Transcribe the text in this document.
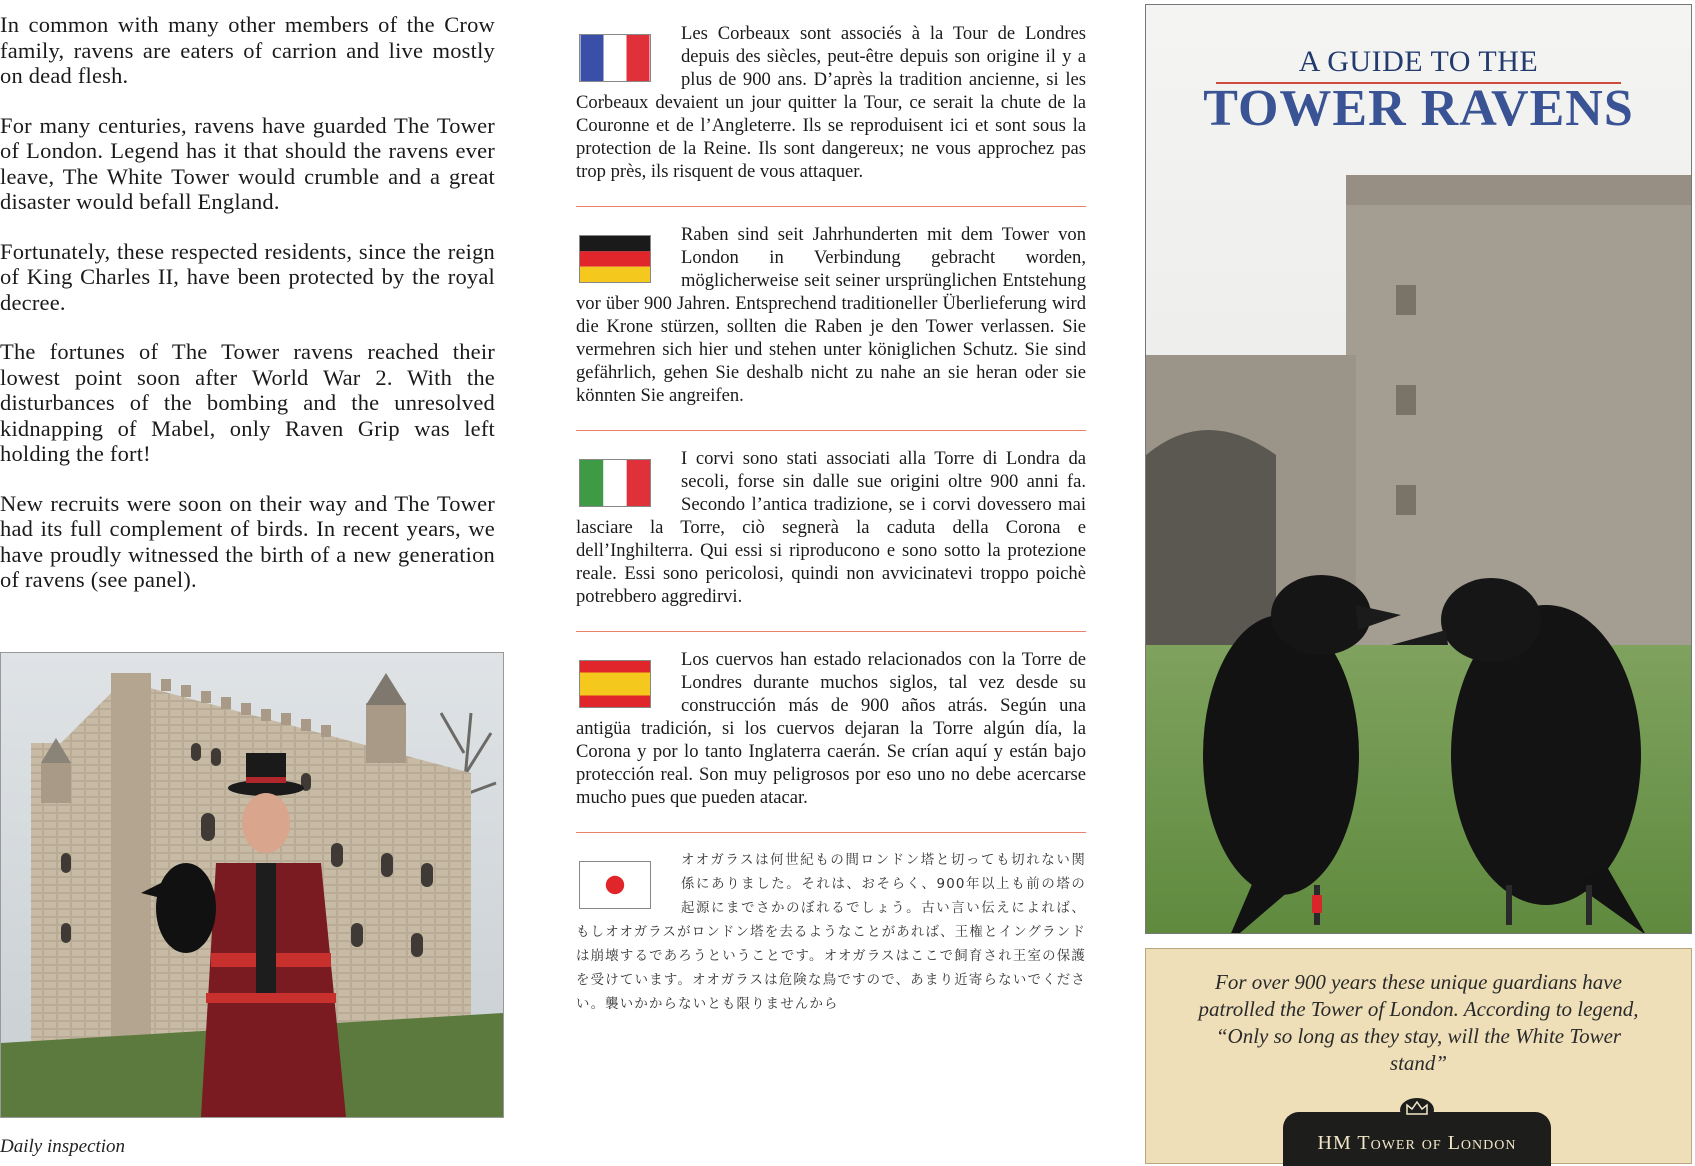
In common with many other members of the Crow family, ravens are eaters of carrion and live mostly on dead flesh.

For many centuries, ravens have guarded The Tower of London. Legend has it that should the ravens ever leave, The White Tower would crumble and a great disaster would befall England.

Fortunately, these respected residents, since the reign of King Charles II, have been protected by the royal decree.

The fortunes of The Tower ravens reached their lowest point soon after World War 2. With the disturbances of the bombing and the unresolved kidnapping of Mabel, only Raven Grip was left holding the fort!

New recruits were soon on their way and The Tower had its full complement of birds. In recent years, we have proudly witnessed the birth of a new generation of ravens (see panel).

Daily inspection

Les Corbeaux sont associés à la Tour de Londres depuis des siècles, peut-être depuis son origine il y a plus de 900 ans. D’après la tradition ancienne, si les Corbeaux devaient un jour quitter la Tour, ce serait la chute de la Couronne et de l’Angleterre. Ils se reproduisent ici et sont sous la protection de la Reine. Ils sont dangereux; ne vous approchez pas trop près, ils risquent de vous attaquer.

Raben sind seit Jahrhunderten mit dem Tower von London in Verbindung gebracht worden, möglicherweise seit seiner ursprünglichen Entstehung vor über 900 Jahren. Entsprechend traditioneller Überlieferung wird die Krone stürzen, sollten die Raben je den Tower verlassen. Sie vermehren sich hier und stehen unter königlichen Schutz. Sie sind gefährlich, gehen Sie deshalb nicht zu nahe an sie heran oder sie könnten Sie angreifen.

I corvi sono stati associati alla Torre di Londra da secoli, forse sin dalle sue origini oltre 900 anni fa. Secondo l’antica tradizione, se i corvi dovessero mai lasciare la Torre, ciò segnerà la caduta della Corona e dell’Inghilterra. Qui essi si riproducono e sono sotto la protezione reale. Essi sono pericolosi, quindi non avvicinatevi troppo poichè potrebbero aggredirvi.

Los cuervos han estado relacionados con la Torre de Londres durante muchos siglos, tal vez desde su construcción más de 900 años atrás. Según una antigüa tradición, si los cuervos dejaran la Torre algún día, la Corona y por lo tanto Inglaterra caerán. Se crían aquí y están bajo protección real. Son muy peligrosos por eso uno no debe acercarse mucho pues que pueden atacar.

オオガラスは何世紀もの間ロンドン塔と切っても切れない関係にありました。それは、おそらく、900年以上も前の塔の起源にまでさかのぼれるでしょう。古い言い伝えによれば、もしオオガラスがロンドン塔を去るようなことがあれば、王権とイングランドは崩壊するであろうということです。オオガラスはここで飼育され王室の保護を受けています。オオガラスは危険な鳥ですので、あまり近寄らないでください。襲いかからないとも限りませんから

A GUIDE TO THE
TOWER RAVENS

For over 900 years these unique guardians have patrolled the Tower of London. According to legend, “Only so long as they stay, will the White Tower stand”

HM Tower of London
